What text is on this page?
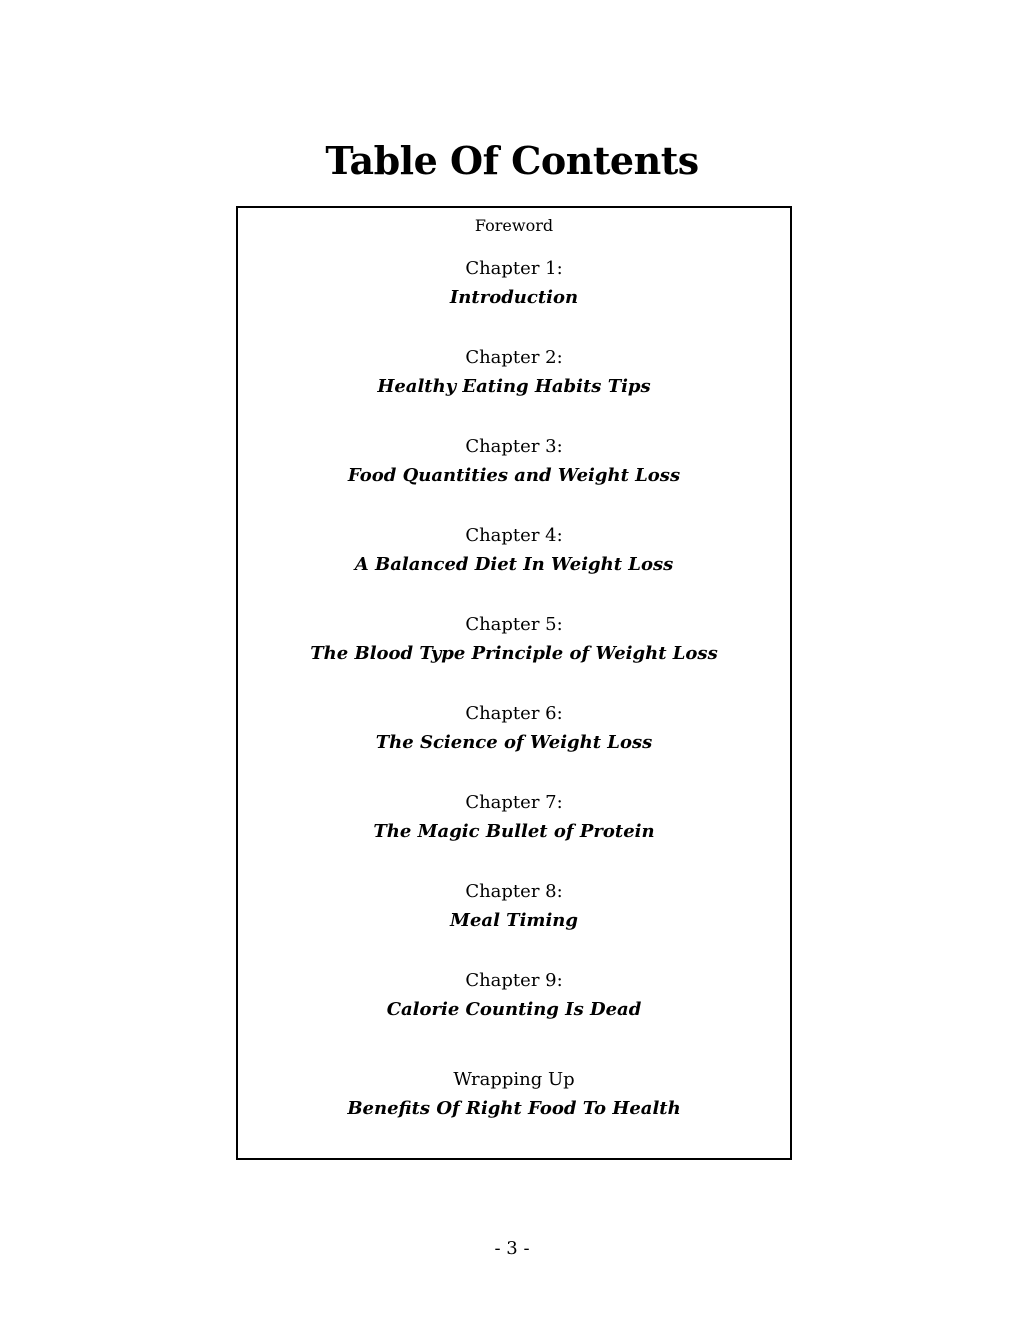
Table Of Contents
Foreword
Chapter 1:
Introduction
Chapter 2:
Healthy Eating Habits Tips
Chapter 3:
Food Quantities and Weight Loss
Chapter 4:
A Balanced Diet In Weight Loss
Chapter 5:
The Blood Type Principle of Weight Loss
Chapter 6:
The Science of Weight Loss
Chapter 7:
The Magic Bullet of Protein
Chapter 8:
Meal Timing
Chapter 9:
Calorie Counting Is Dead
Wrapping Up
Benefits Of Right Food To Health
- 3 -
